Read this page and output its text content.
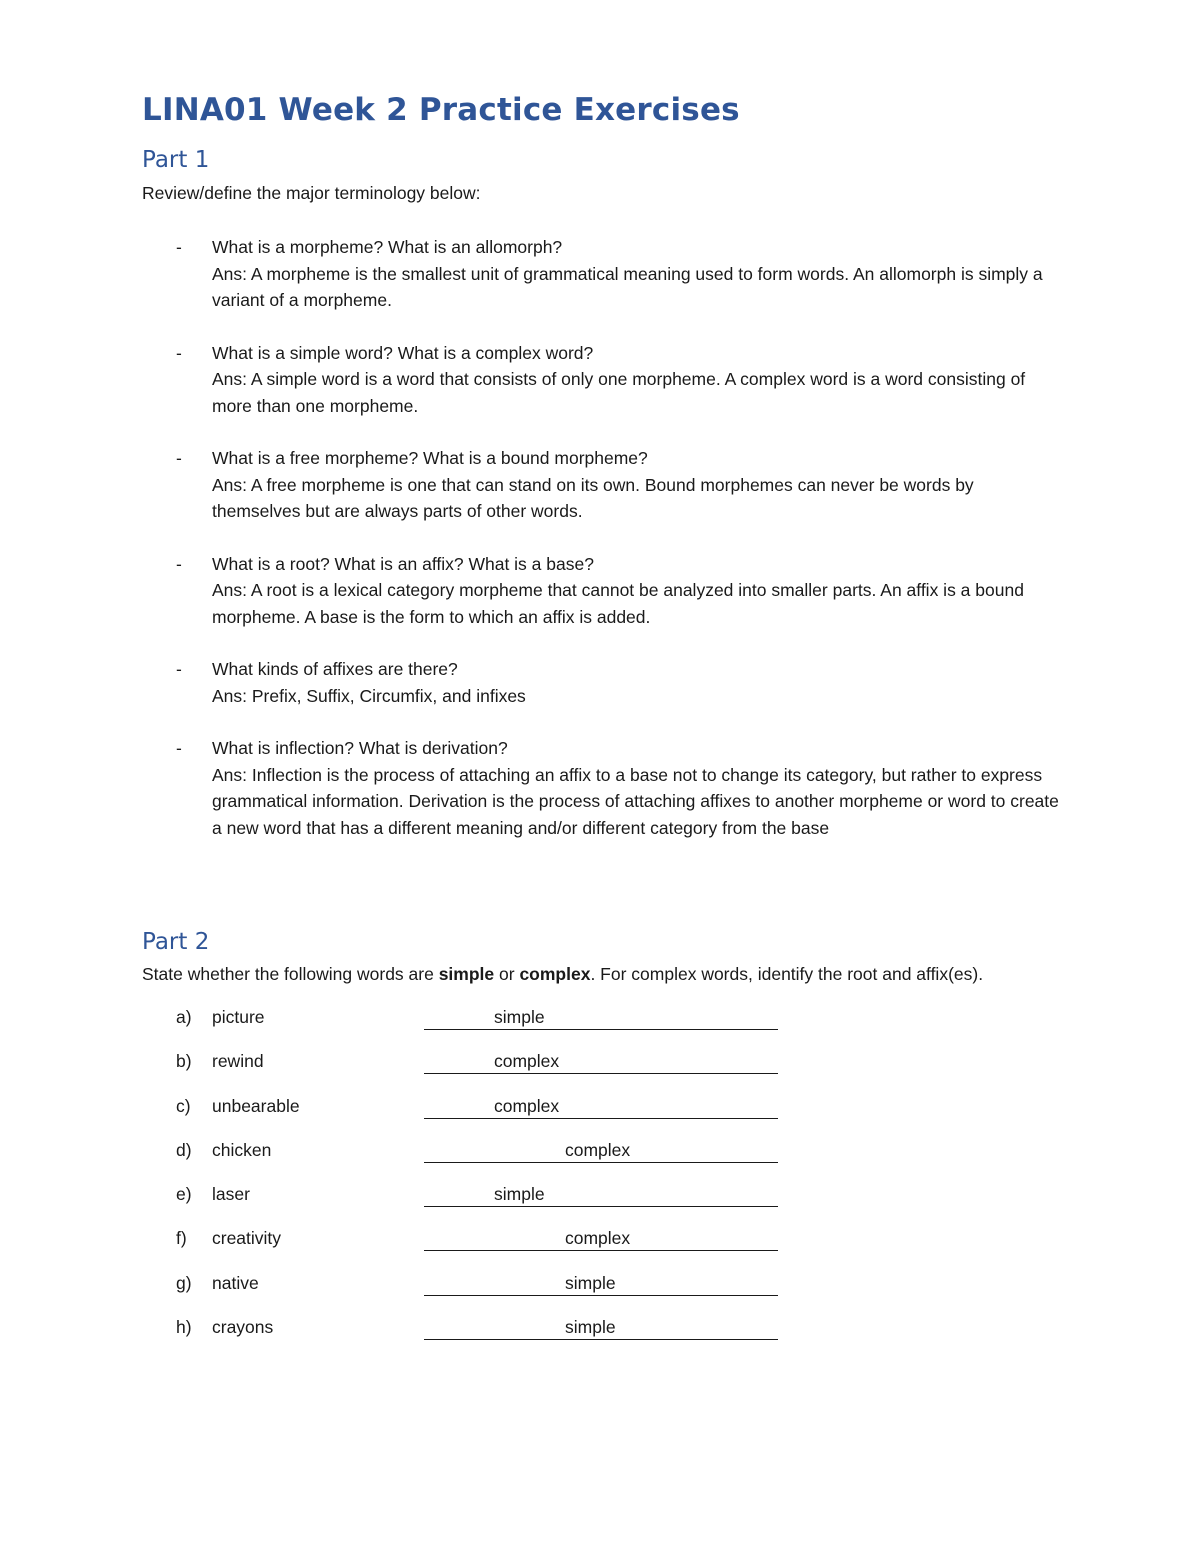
LINA01 Week 2 Practice Exercises
Part 1

Review/define the major terminology below:

- What is a morpheme? What is an allomorph?
Ans: A morpheme is the smallest unit of grammatical meaning used to form words. An allomorph is simply a variant of a morpheme.
- What is a simple word? What is a complex word?
Ans: A simple word is a word that consists of only one morpheme. A complex word is a word consisting of more than one morpheme.
- What is a free morpheme? What is a bound morpheme?
Ans: A free morpheme is one that can stand on its own. Bound morphemes can never be words by themselves but are always parts of other words.
- What is a root? What is an affix? What is a base?
Ans: A root is a lexical category morpheme that cannot be analyzed into smaller parts. An affix is a bound morpheme. A base is the form to which an affix is added.
- What kinds of affixes are there?
Ans: Prefix, Suffix, Circumfix, and infixes
- What is inflection? What is derivation?
Ans: Inflection is the process of attaching an affix to a base not to change its category, but rather to express grammatical information. Derivation is the process of attaching affixes to another morpheme or word to create a new word that has a different meaning and/or different category from the base
Part 2

State whether the following words are simple or complex. For complex words, identify the root and affix(es).

a) picture	simple
b) rewind	complex
c) unbearable	complex
d) chicken	complex
e) laser	simple
f) creativity	complex
g) native	simple
h) crayons	simple
